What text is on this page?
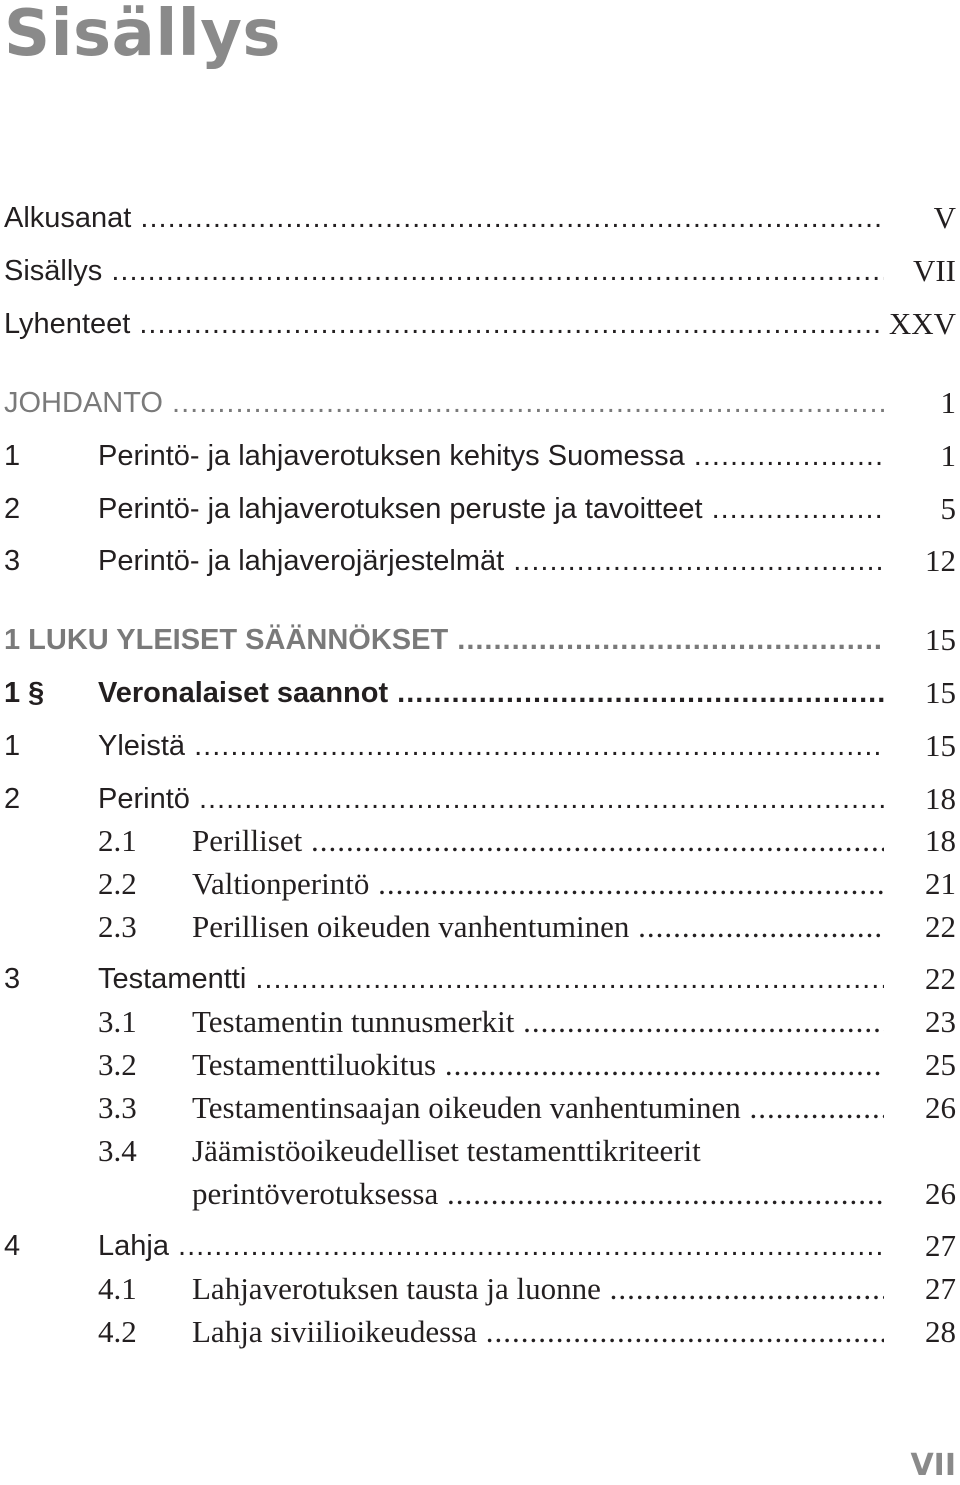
Sisällys
Alkusanat .....	V
Sisällys .....	VII
Lyhenteet .....	XXV
JOHDANTO .....	1
1	Perintö- ja lahjaverotuksen kehitys Suomessa .....	1
2	Perintö- ja lahjaverotuksen peruste ja tavoitteet .....	5
3	Perintö- ja lahjaverojärjestelmät .....	12
1 LUKU YLEISET SÄÄNNÖKSET .....	15
1 § Veronalaiset saannot .....	15
1	Yleistä .....	15
2	Perintö .....	18
2.1 Perilliset .....	18
2.2 Valtionperintö .....	21
2.3 Perillisen oikeuden vanhentuminen .....	22
3	Testamentti .....	22
3.1 Testamentin tunnusmerkit .....	23
3.2 Testamenttiluokitus .....	25
3.3 Testamentinsaajan oikeuden vanhentuminen .....	26
3.4 Jäämistöoikeudelliset testamenttikriteerit
perintöverotuksessa .....	26
4	Lahja .....	27
4.1 Lahjaverotuksen tausta ja luonne .....	27
4.2 Lahja siviilioikeudessa .....	28
VII
